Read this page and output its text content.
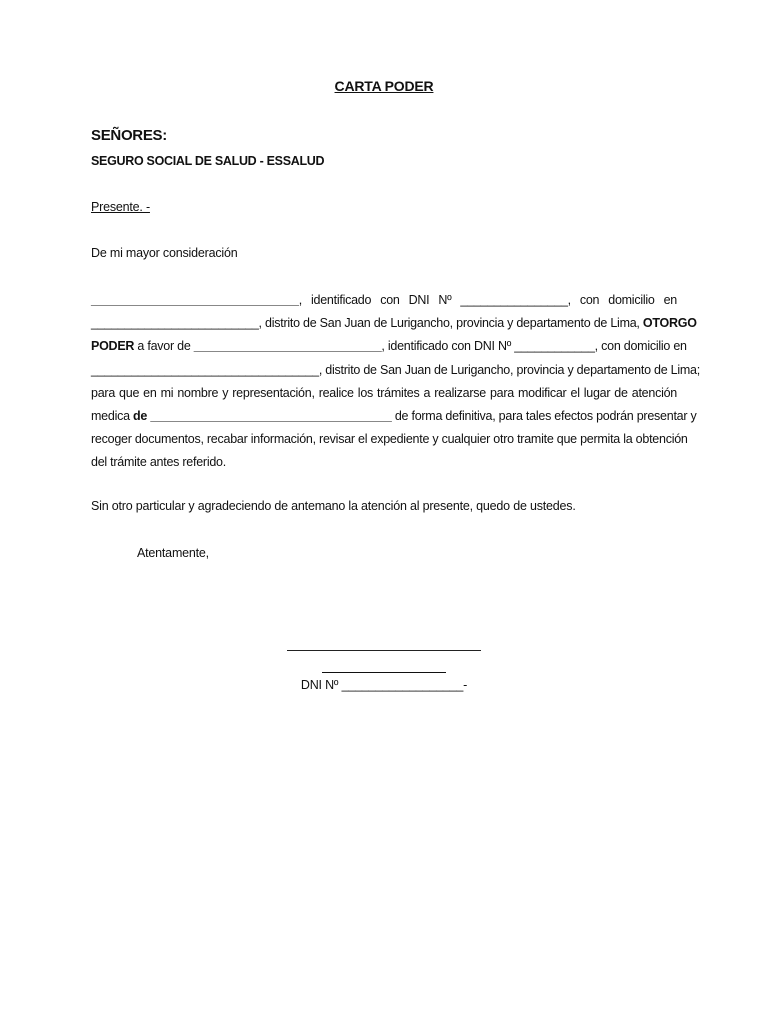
CARTA PODER
SEÑORES:
SEGURO SOCIAL DE SALUD - ESSALUD
Presente. -
De mi mayor consideración
_______________________________, identificado con DNI Nº ________________, con domicilio en
_________________________, distrito de San Juan de Lurigancho, provincia y departamento de Lima, OTORGO
PODER a favor de ____________________________, identificado con DNI Nº ____________, con domicilio en
__________________________________, distrito de San Juan de Lurigancho, provincia y departamento de Lima;
para que en mi nombre y representación, realice los trámites a realizarse para modificar el lugar de atención
medica de ____________________________________ de forma definitiva, para tales efectos podrán presentar y
recoger documentos, recabar información, revisar el expediente y cualquier otro tramite que permita la obtención
del trámite antes referido.
Sin otro particular y agradeciendo de antemano la atención al presente, quedo de ustedes.
Atentamente,
DNI Nº __________________-
